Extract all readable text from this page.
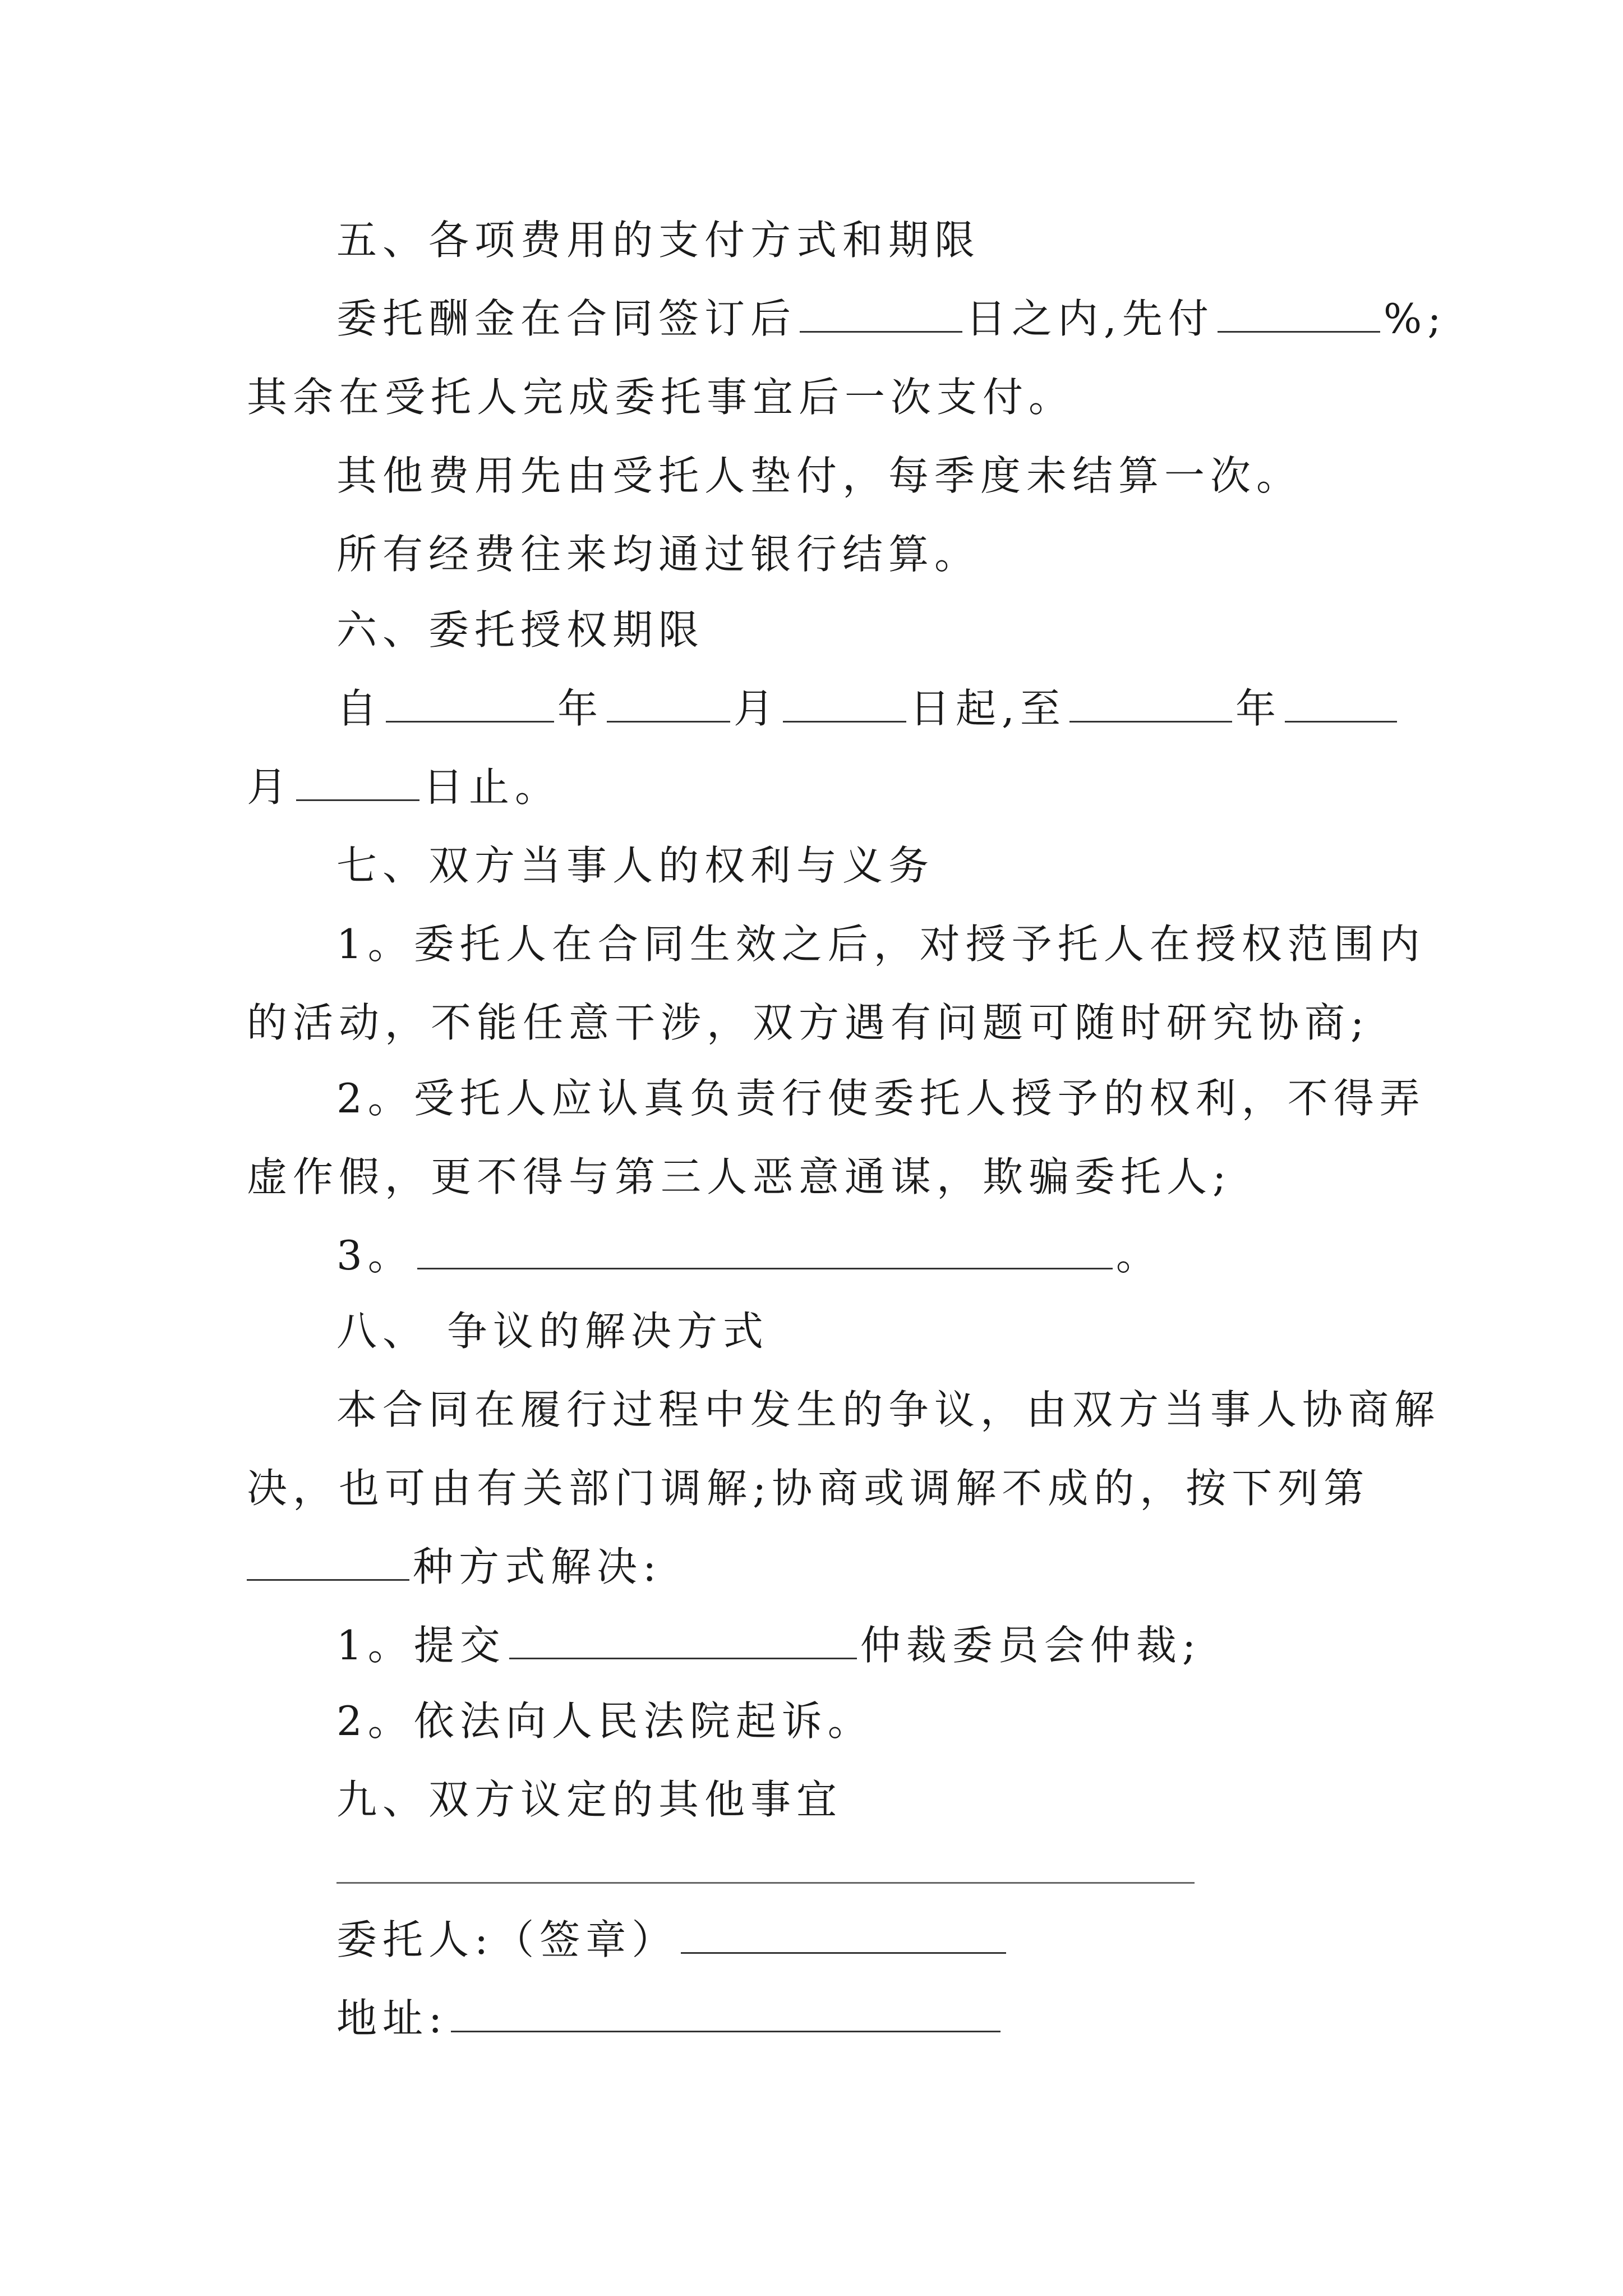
五、各项费用的支付方式和期限
委托酬金在合同签订后	日之内,先付	%;
其余在受托人完成委托事宜后一次支付。
其他费用先由受托人垫付，每季度未结算一次。
所有经费往来均通过银行结算。
六、委托授权期限
自	年	月	日起,至	年
月	日止。
七、双方当事人的权利与义务
1。委托人在合同生效之后，对授予托人在授权范围内
的活动，不能任意干涉，双方遇有问题可随时研究协商;
2。受托人应认真负责行使委托人授予的权利，不得弄
虚作假，更不得与第三人恶意通谋，欺骗委托人;
3。	。
八、 争议的解决方式
本合同在履行过程中发生的争议，由双方当事人协商解
决，也可由有关部门调解;协商或调解不成的，按下列第
种方式解决:
1。提交	仲裁委员会仲裁;
2。依法向人民法院起诉。
九、双方议定的其他事宜
委托人:（签章）
地址:
